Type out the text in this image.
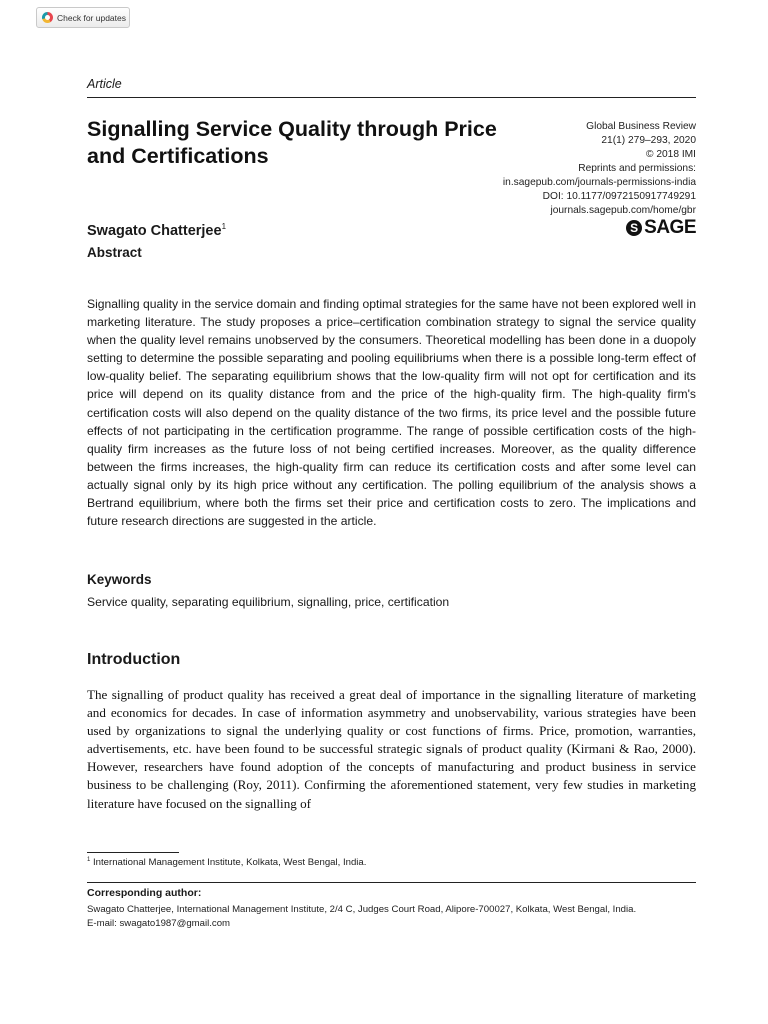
Check for updates
Article
Signalling Service Quality through Price and Certifications
Global Business Review
21(1) 279–293, 2020
© 2018 IMI
Reprints and permissions:
in.sagepub.com/journals-permissions-india
DOI: 10.1177/0972150917749291
journals.sagepub.com/home/gbr
S SAGE
Swagato Chatterjee$^1$
Abstract
Signalling quality in the service domain and finding optimal strategies for the same have not been explored well in marketing literature. The study proposes a price–certification combination strategy to signal the service quality when the quality level remains unobserved by the consumers. Theoretical modelling has been done in a duopoly setting to determine the possible separating and pooling equilibriums when there is a possible long-term effect of low-quality belief. The separating equilibrium shows that the low-quality firm will not opt for certification and its price will depend on its quality distance from and the price of the high-quality firm. The high-quality firm's certification costs will also depend on the quality distance of the two firms, its price level and the possible future effects of not participating in the certification programme. The range of possible certification costs of the high-quality firm increases as the future loss of not being certified increases. Moreover, as the quality difference between the firms increases, the high-quality firm can reduce its certification costs and after some level can actually signal only by its high price without any certification. The polling equilibrium of the analysis shows a Bertrand equilibrium, where both the firms set their price and certification costs to zero. The implications and future research directions are suggested in the article.
Keywords
Service quality, separating equilibrium, signalling, price, certification
Introduction
The signalling of product quality has received a great deal of importance in the signalling literature of marketing and economics for decades. In case of information asymmetry and unobservability, various strategies have been used by organizations to signal the underlying quality or cost functions of firms. Price, promotion, warranties, advertisements, etc. have been found to be successful strategic signals of product quality (Kirmani & Rao, 2000). However, researchers have found adoption of the concepts of manufacturing and product business in service business to be challenging (Roy, 2011). Confirming the aforementioned statement, very few studies in marketing literature have focused on the signalling of
$^1$ International Management Institute, Kolkata, West Bengal, India.
Corresponding author:
Swagato Chatterjee, International Management Institute, 2/4 C, Judges Court Road, Alipore-700027, Kolkata, West Bengal, India.
E-mail: swagato1987@gmail.com
